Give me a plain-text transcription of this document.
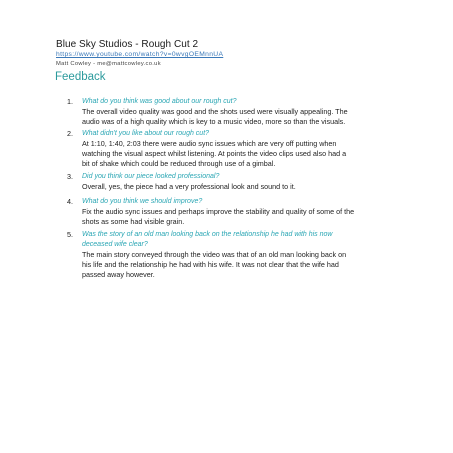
Blue Sky Studios - Rough Cut 2
https://www.youtube.com/watch?v=0wvgOEMnnUA
Matt Cowley - me@mattcowley.co.uk
Feedback
1. What do you think was good about our rough cut?
The overall video quality was good and the shots used were visually appealing. The
audio was of a high quality which is key to a music video, more so than the visuals.
2. What didn't you like about our rough cut?
At 1:10, 1:40, 2:03 there were audio sync issues which are very off putting when
watching the visual aspect whilst listening. At points the video clips used also had a
bit of shake which could be reduced through use of a gimbal.
3. Did you think our piece looked professional?
Overall, yes, the piece had a very professional look and sound to it.
4. What do you think we should improve?
Fix the audio sync issues and perhaps improve the stability and quality of some of the
shots as some had visible grain.
5. Was the story of an old man looking back on the relationship he had with his now
deceased wife clear?
The main story conveyed through the video was that of an old man looking back on
his life and the relationship he had with his wife. It was not clear that the wife had
passed away however.
